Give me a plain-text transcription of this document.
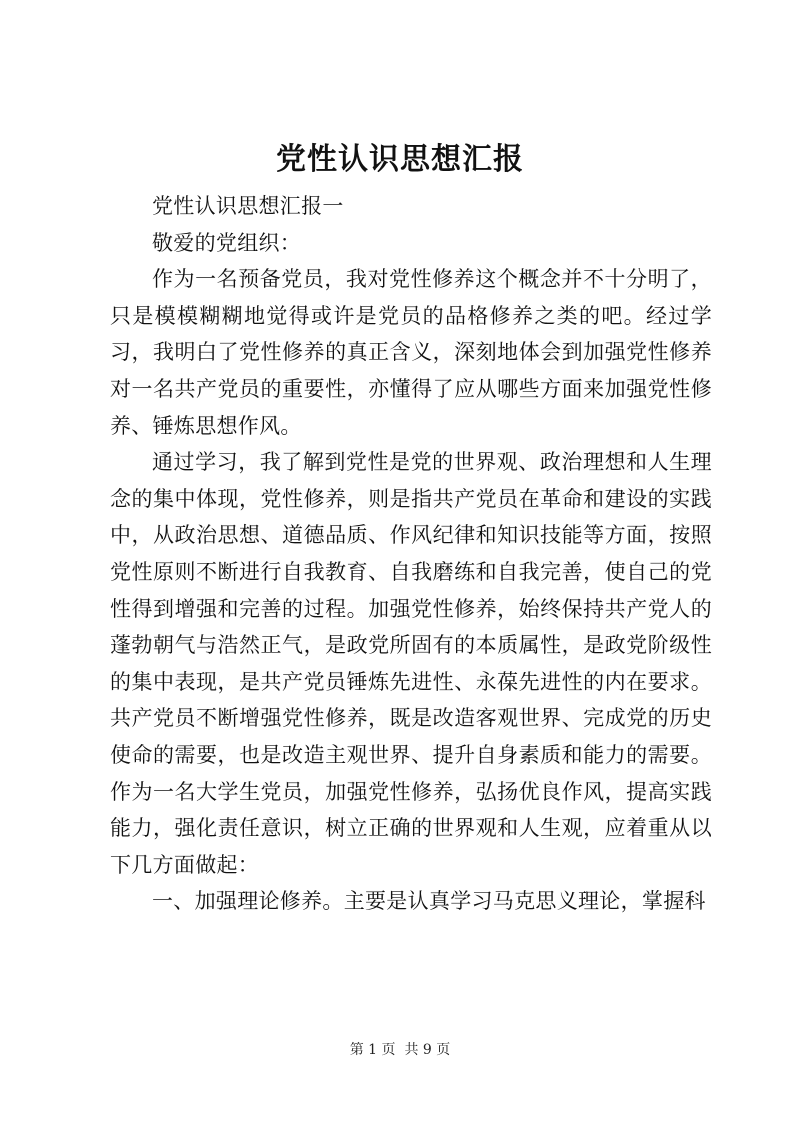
党性认识思想汇报

党性认识思想汇报一

敬爱的党组织：

作为一名预备党员，我对党性修养这个概念并不十分明了，只是模模糊糊地觉得或许是党员的品格修养之类的吧。经过学习，我明白了党性修养的真正含义，深刻地体会到加强党性修养对一名共产党员的重要性，亦懂得了应从哪些方面来加强党性修养、锤炼思想作风。

通过学习，我了解到党性是党的世界观、政治理想和人生理念的集中体现，党性修养，则是指共产党员在革命和建设的实践中，从政治思想、道德品质、作风纪律和知识技能等方面，按照党性原则不断进行自我教育、自我磨练和自我完善，使自己的党性得到增强和完善的过程。加强党性修养，始终保持共产党人的蓬勃朝气与浩然正气，是政党所固有的本质属性，是政党阶级性的集中表现，是共产党员锤炼先进性、永葆先进性的内在要求。共产党员不断增强党性修养，既是改造客观世界、完成党的历史使命的需要，也是改造主观世界、提升自身素质和能力的需要。作为一名大学生党员，加强党性修养，弘扬优良作风，提高实践能力，强化责任意识，树立正确的世界观和人生观，应着重从以下几方面做起：

一、加强理论修养。主要是认真学习马克思义理论，掌握科

第 1 页  共 9 页
